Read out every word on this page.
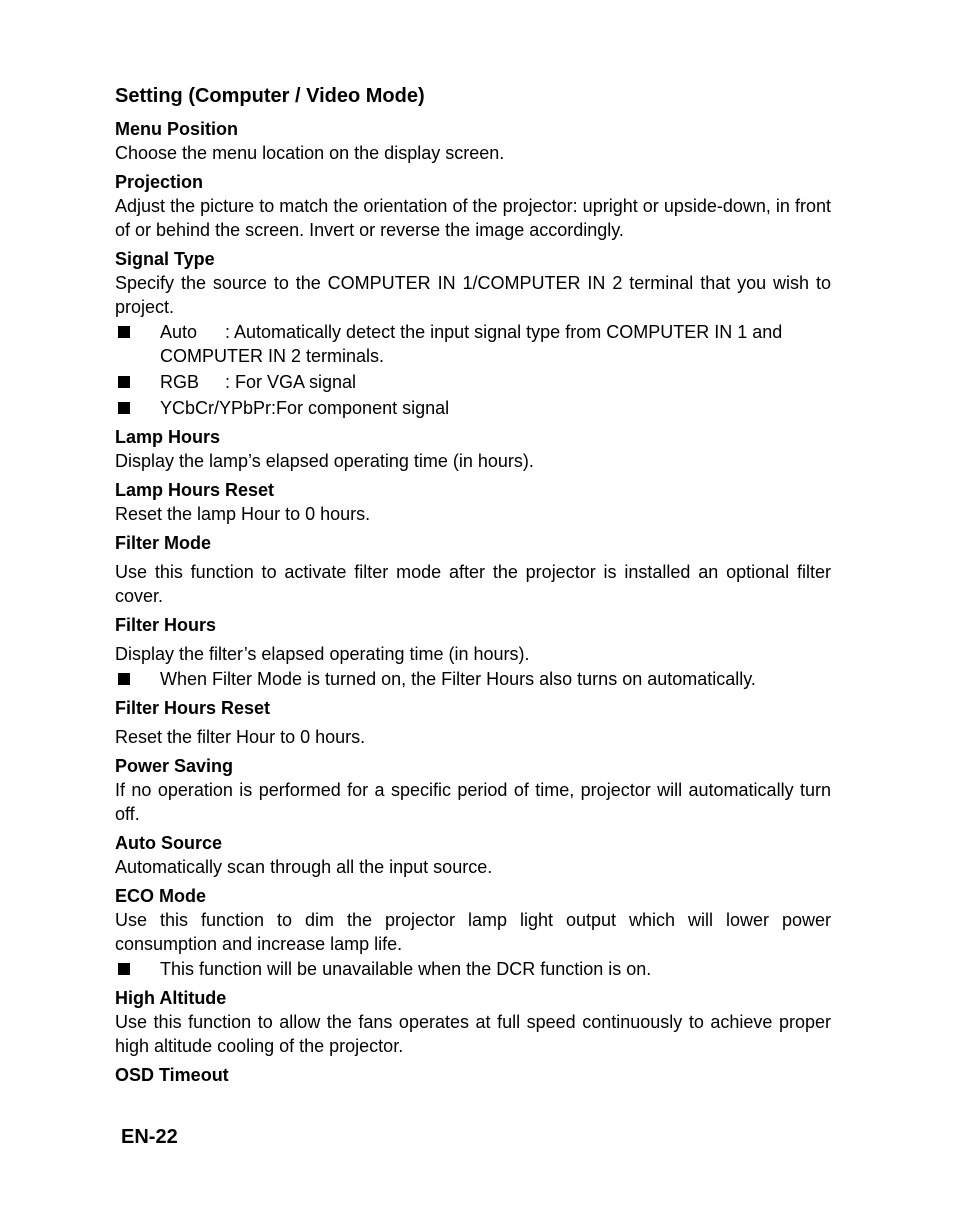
Setting (Computer / Video Mode)
Menu Position
Choose the menu location on the display screen.
Projection
Adjust the picture to match the orientation of the projector: upright or upside-down, in front of or behind the screen. Invert or reverse the image accordingly.
Signal Type
Specify the source to the COMPUTER IN 1/COMPUTER IN 2 terminal that you wish to project.
Auto : Automatically detect the input signal type from COMPUTER IN 1 and COMPUTER IN 2 terminals.
RGB : For VGA signal
YCbCr/YPbPr:For component signal
Lamp Hours
Display the lamp’s elapsed operating time (in hours).
Lamp Hours Reset
Reset the lamp Hour to 0 hours.
Filter Mode
Use this function to activate filter mode after the projector is installed an optional filter cover.
Filter Hours
Display the filter’s elapsed operating time (in hours).
When Filter Mode is turned on, the Filter Hours also turns on automatically.
Filter Hours Reset
Reset the filter Hour to 0 hours.
Power Saving
If no operation is performed for a specific period of time, projector will automatically turn off.
Auto Source
Automatically scan through all the input source.
ECO Mode
Use this function to dim the projector lamp light output which will lower power consumption and increase lamp life.
This function will be unavailable when the DCR function is on.
High Altitude
Use this function to allow the fans operates at full speed continuously to achieve proper high altitude cooling of the projector.
OSD Timeout
EN-22
